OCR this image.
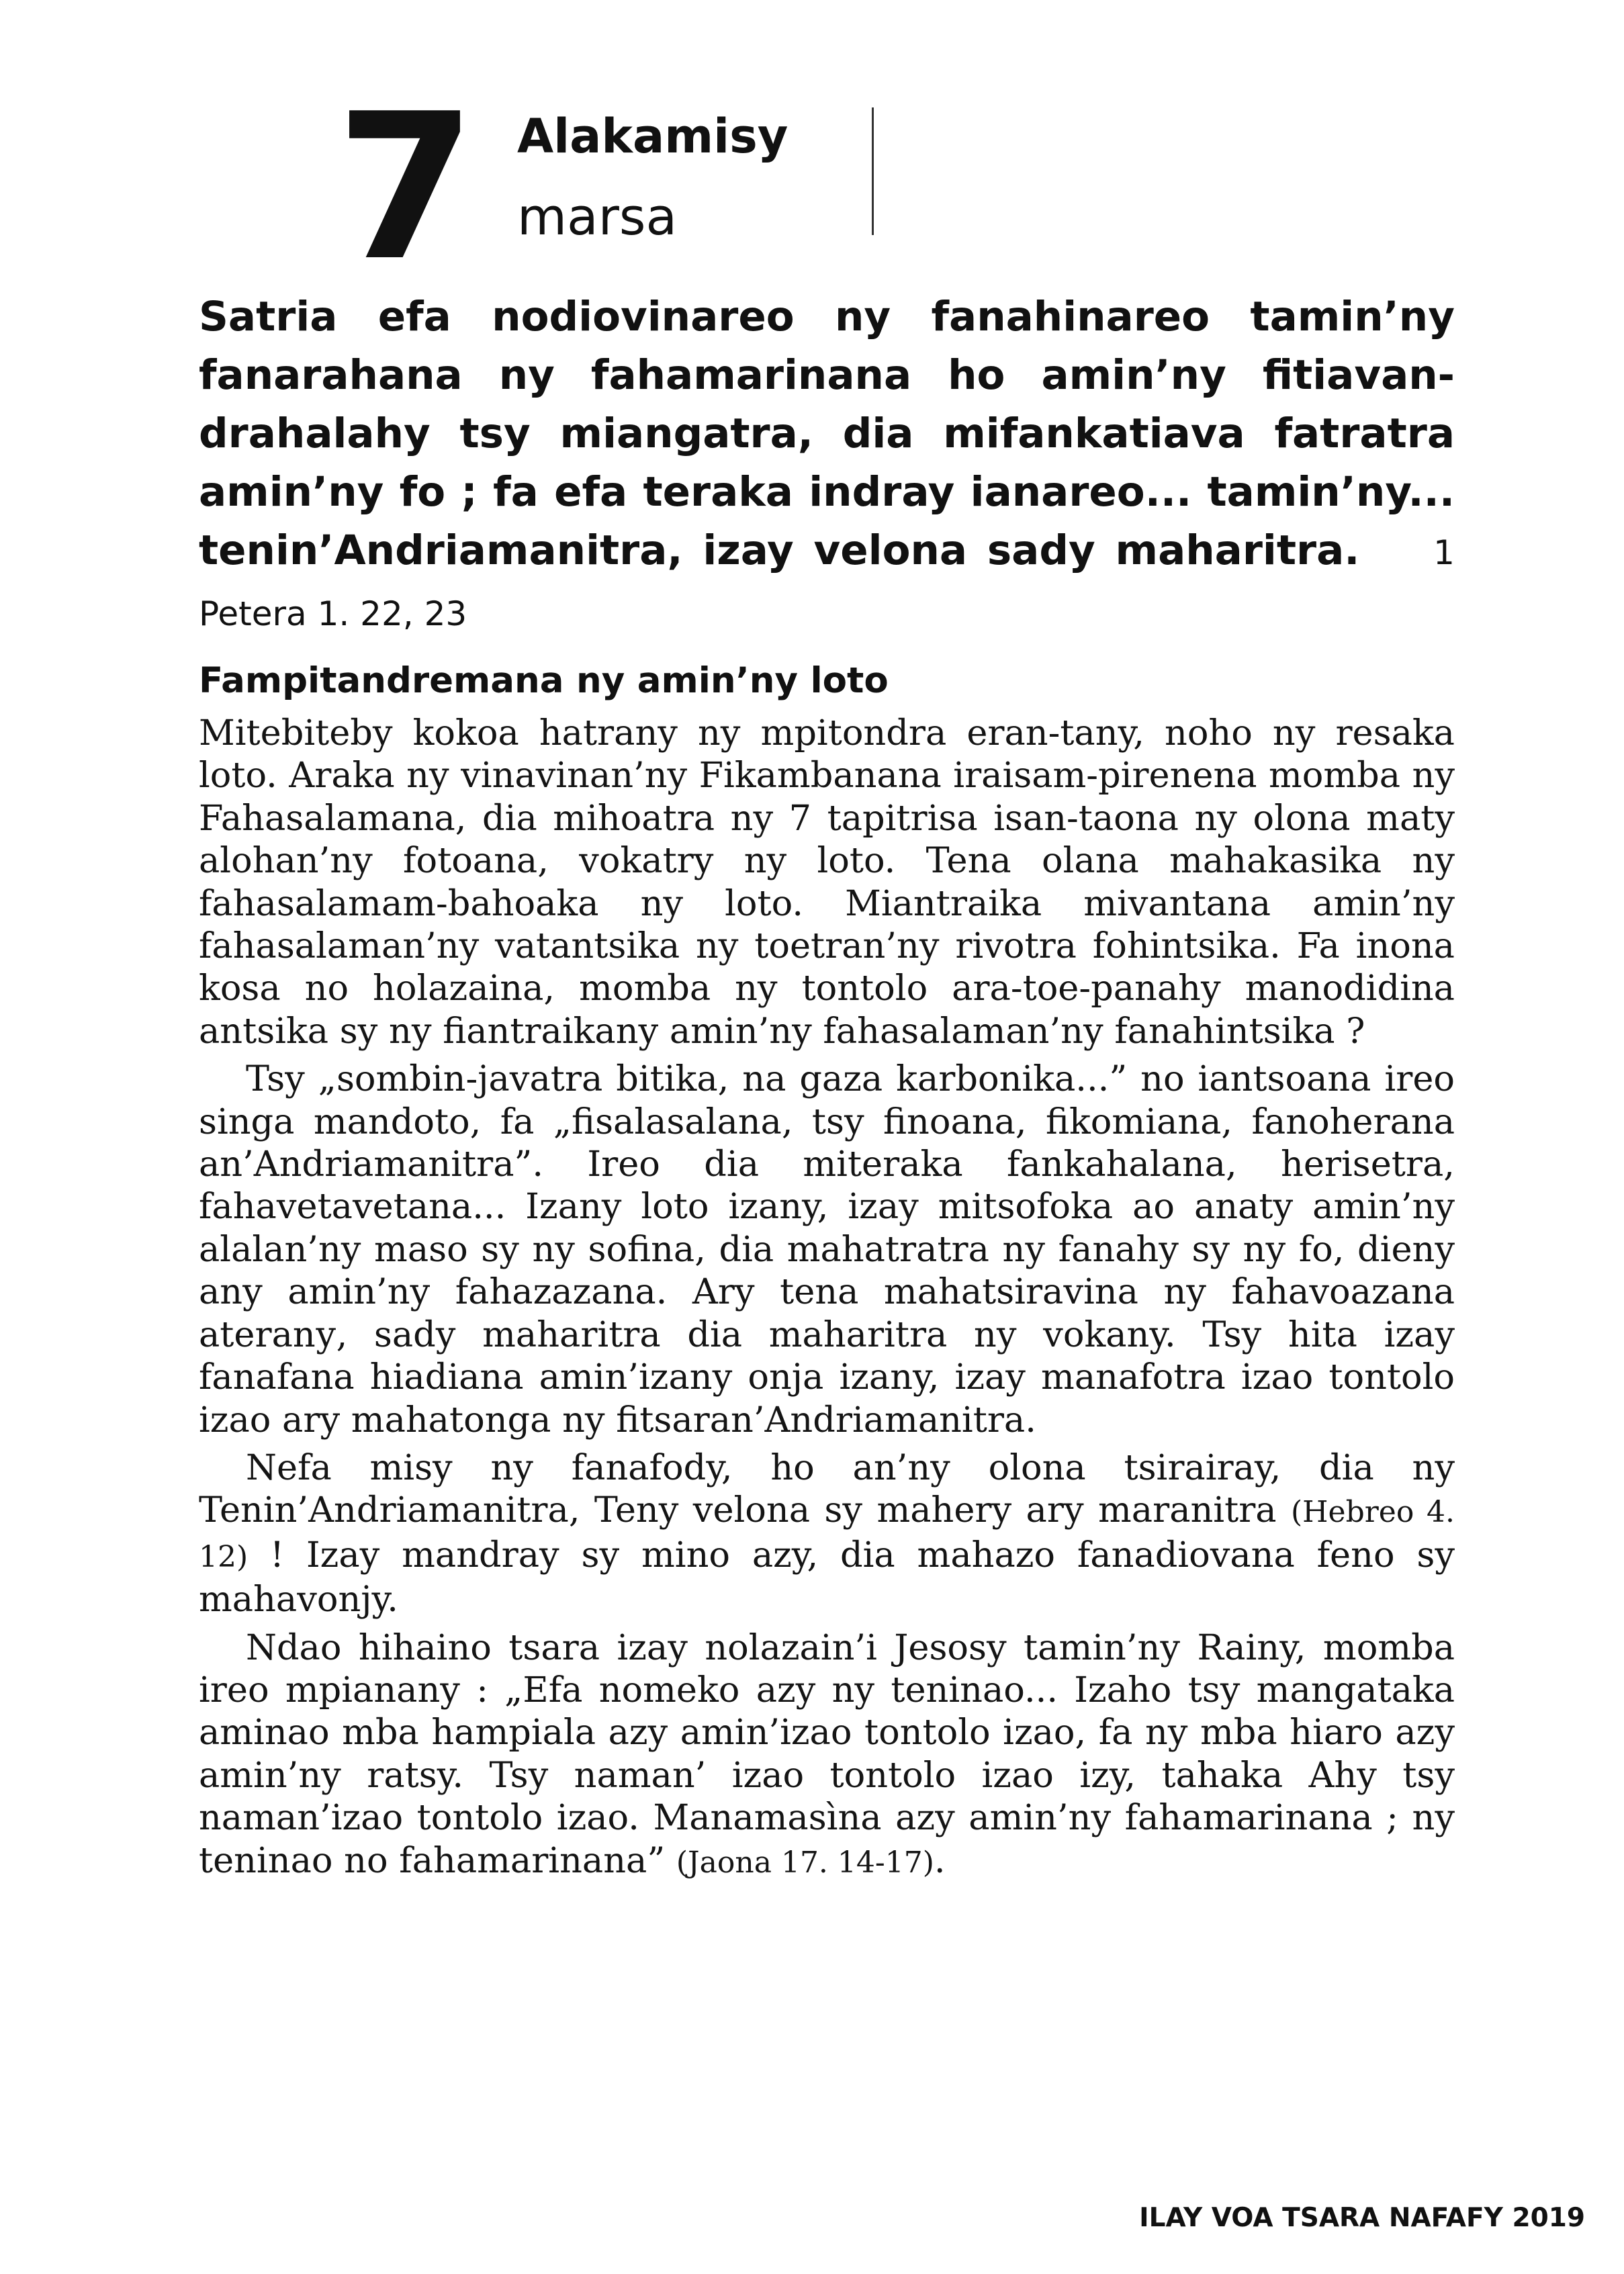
7 Alakamisy
marsa
Satria efa nodiovinareo ny fanahinareo tamin’ny fanarahana ny fahamarinana ho amin’ny fitiavan-drahalahy tsy miangatra, dia mifankatiava fatratra amin’ny fo ; fa efa teraka indray ianareo... tamin’ny... tenin’Andriamanitra, izay velona sady maharitra. 1 Petera 1. 22, 23
Fampitandremana ny amin’ny loto

Mitebiteby kokoa hatrany ny mpitondra eran-tany, noho ny resaka loto. Araka ny vinavinan’ny Fikambanana iraisam-pirenena momba ny Fahasalamana, dia mihoatra ny 7 tapitrisa isan-taona ny olona maty alohan’ny fotoana, vokatry ny loto. Tena olana mahakasika ny fahasalamam-bahoaka ny loto. Miantraika mivantana amin’ny fahasalaman’ny vatantsika ny toetran’ny rivotra fohintsika. Fa inona kosa no holazaina, momba ny tontolo ara-toe-panahy manodidina antsika sy ny fiantraikany amin’ny fahasalaman’ny fanahintsika ?

Tsy „sombin-javatra bitika, na gaza karbonika...” no iantsoana ireo singa mandoto, fa „fisalasalana, tsy finoana, fikomiana, fanoherana an’Andriamanitra”. Ireo dia miteraka fankahalana, herisetra, fahavetavetana... Izany loto izany, izay mitsofoka ao anaty amin’ny alalan’ny maso sy ny sofina, dia mahatratra ny fanahy sy ny fo, dieny any amin’ny fahazazana. Ary tena mahatsiravina ny fahavoazana ateranу, sady maharitra dia maharitra ny vokany. Tsy hita izay fanafana hiadiana amin’izany onja izany, izay manafotra izao tontolo izao ary mahatonga ny fitsaran’Andriamanitra.

Nefa misy ny fanafody, ho an’ny olona tsirairay, dia ny Tenin’Andriamanitra, Teny velona sy mahery ary maranitra (Hebreo 4. 12) ! Izay mandray sy mino azy, dia mahazo fanadiovana feno sy mahavonjy.

Ndao hihaino tsara izay nolazain’i Jesosy tamin’ny Rainy, momba ireo mpianany : „Efa nomeko azy ny teninao... Izaho tsy mangataka aminao mba hampiala azy amin’izao tontolo izao, fa ny mba hiaro azy amin’ny ratsy. Tsy naman’ izao tontolo izao izy, tahaka Ahy tsy naman’izao tontolo izao. Manamasìna azy amin’ny fahamarinana ; ny teninao no fahamarinana” (Jaona 17. 14-17).

ILAY VOA TSARA NAFAFY 2019
